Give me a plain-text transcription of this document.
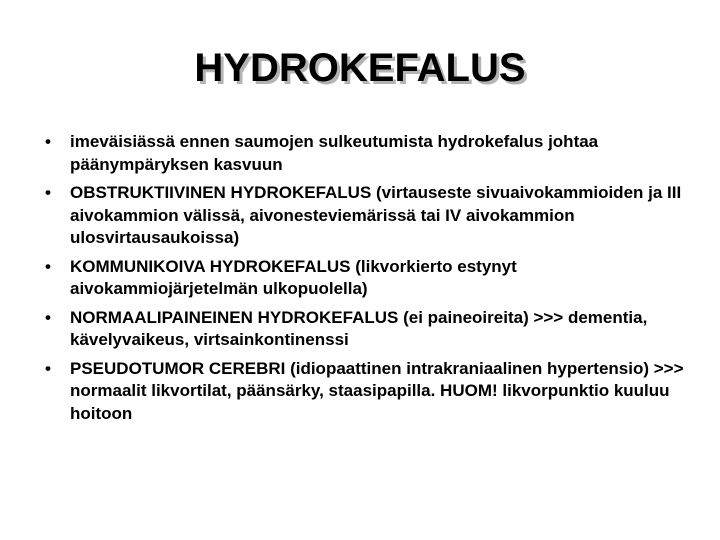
HYDROKEFALUS
• imeväisiässä ennen saumojen sulkeutumista hydrokefalus johtaa päänympäryksen kasvuun
• OBSTRUKTIIVINEN HYDROKEFALUS (virtauseste sivuaivokammioiden ja III aivokammion välissä, aivonesteviemärissä tai IV aivokammion ulosvirtausaukoissa)
• KOMMUNIKOIVA HYDROKEFALUS (likvorkierto estynyt aivokammiojärjetelmän ulkopuolella)
• NORMAALIPAINEINEN HYDROKEFALUS (ei paineoireita) >>> dementia, kävelyvaikeus, virtsainkontinenssi
• PSEUDOTUMOR CEREBRI (idiopaattinen intrakraniaalinen hypertensio) >>> normaalit likvortilat, päänsärky, staasipapilla. HUOM! likvorpunktio kuuluu hoitoon
